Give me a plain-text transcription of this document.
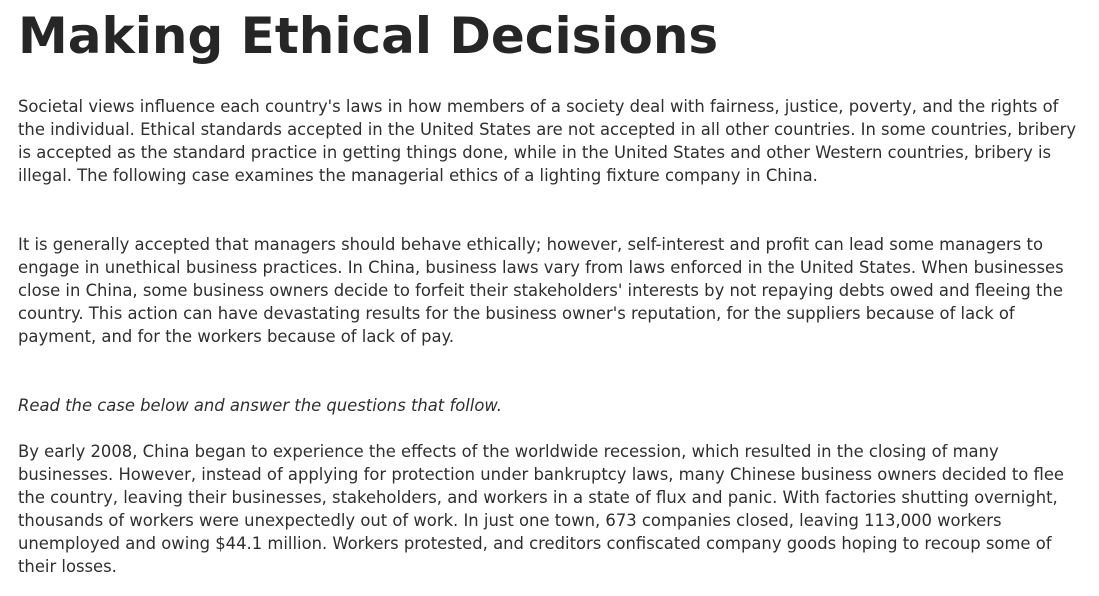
Making Ethical Decisions

Societal views influence each country's laws in how members of a society deal with fairness, justice, poverty, and the rights of the individual. Ethical standards accepted in the United States are not accepted in all other countries. In some countries, bribery is accepted as the standard practice in getting things done, while in the United States and other Western countries, bribery is illegal. The following case examines the managerial ethics of a lighting fixture company in China.

It is generally accepted that managers should behave ethically; however, self-interest and profit can lead some managers to engage in unethical business practices. In China, business laws vary from laws enforced in the United States. When businesses close in China, some business owners decide to forfeit their stakeholders' interests by not repaying debts owed and fleeing the country. This action can have devastating results for the business owner's reputation, for the suppliers because of lack of payment, and for the workers because of lack of pay.

Read the case below and answer the questions that follow.

By early 2008, China began to experience the effects of the worldwide recession, which resulted in the closing of many businesses. However, instead of applying for protection under bankruptcy laws, many Chinese business owners decided to flee the country, leaving their businesses, stakeholders, and workers in a state of flux and panic. With factories shutting overnight, thousands of workers were unexpectedly out of work. In just one town, 673 companies closed, leaving 113,000 workers unemployed and owing $44.1 million. Workers protested, and creditors confiscated company goods hoping to recoup some of their losses.
